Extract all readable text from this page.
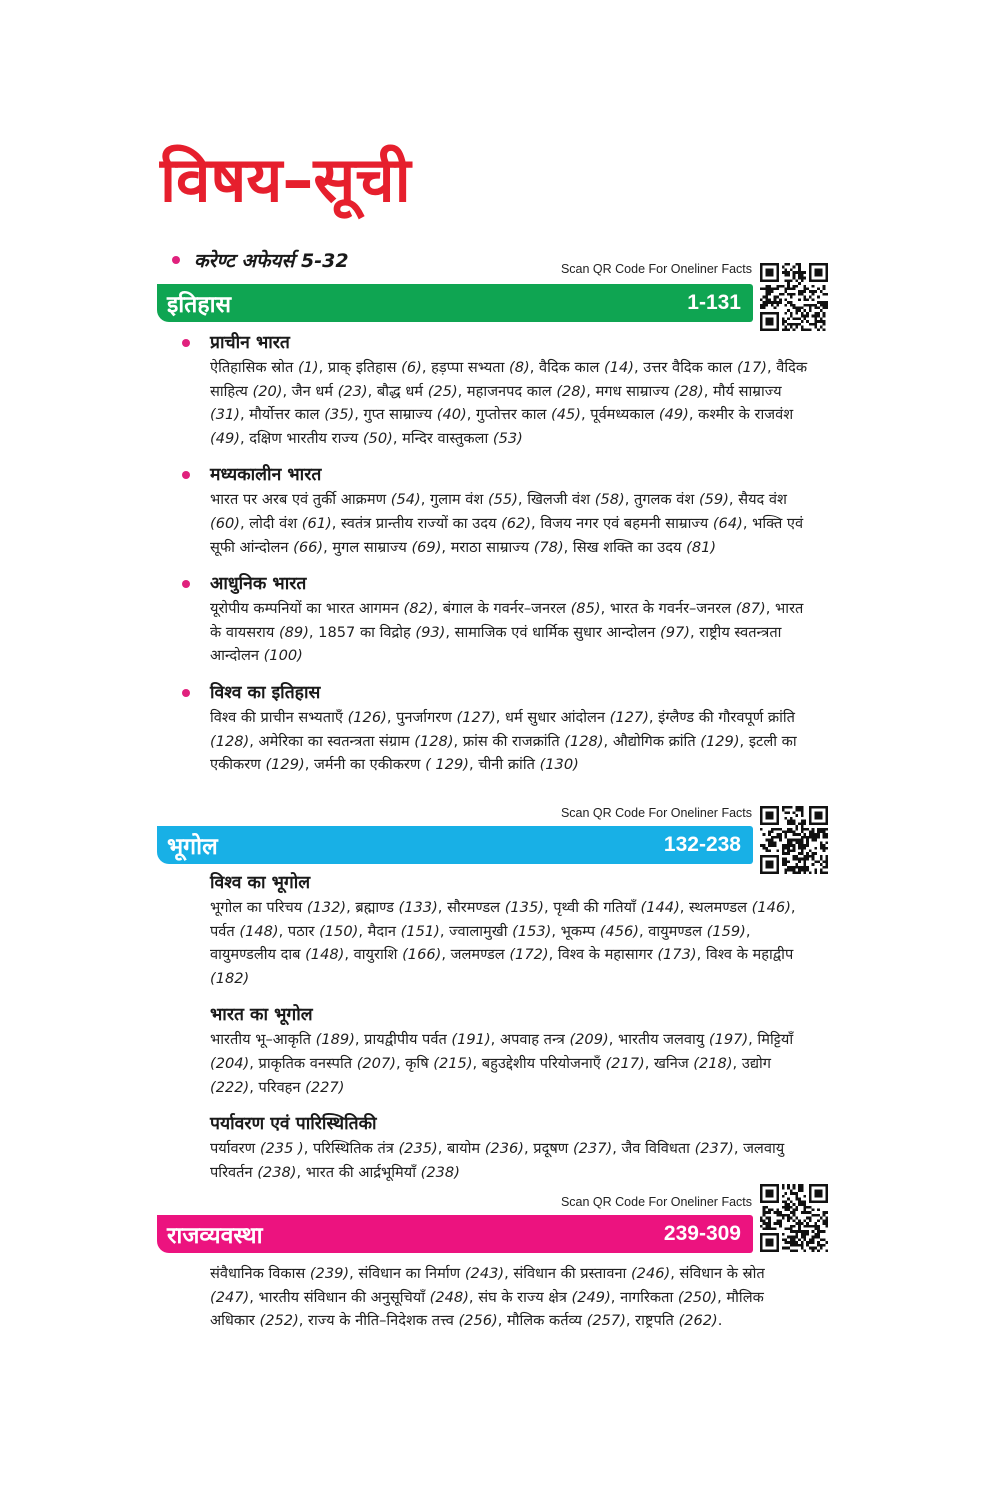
विषय–सूची
करेण्ट अफेयर्स 5-32	Scan QR Code For Oneliner Facts
इतिहास	1-131
प्राचीन भारत
ऐतिहासिक स्रोत (1), प्राक् इतिहास (6), हड़प्पा सभ्यता (8), वैदिक काल (14), उत्तर वैदिक काल (17), वैदिक साहित्य (20), जैन धर्म (23), बौद्ध धर्म (25), महाजनपद काल (28), मगध साम्राज्य (28), मौर्य साम्राज्य (31), मौर्योत्तर काल (35), गुप्त साम्राज्य (40), गुप्तोत्तर काल (45), पूर्वमध्यकाल (49), कश्मीर के राजवंश (49), दक्षिण भारतीय राज्य (50), मन्दिर वास्तुकला (53)
मध्यकालीन भारत
भारत पर अरब एवं तुर्की आक्रमण (54), गुलाम वंश (55), खिलजी वंश (58), तुगलक वंश (59), सैयद वंश (60), लोदी वंश (61), स्वतंत्र प्रान्तीय राज्यों का उदय (62), विजय नगर एवं बहमनी साम्राज्य (64), भक्ति एवं सूफी आंन्दोलन (66), मुगल साम्राज्य (69), मराठा साम्राज्य (78), सिख शक्ति का उदय (81)
आधुनिक भारत
यूरोपीय कम्पनियों का भारत आगमन (82), बंगाल के गवर्नर–जनरल (85), भारत के गवर्नर–जनरल (87), भारत के वायसराय (89), 1857 का विद्रोह (93), सामाजिक एवं धार्मिक सुधार आन्दोलन (97), राष्ट्रीय स्वतन्त्रता आन्दोलन (100)
विश्व का इतिहास
विश्व की प्राचीन सभ्यताएँ (126), पुनर्जागरण (127), धर्म सुधार आंदोलन (127), इंग्लैण्ड की गौरवपूर्ण क्रांति (128), अमेरिका का स्वतन्त्रता संग्राम (128), फ्रांस की राजक्रांति (128), औद्योगिक क्रांति (129), इटली का एकीकरण (129), जर्मनी का एकीकरण ( 129), चीनी क्रांति (130)
Scan QR Code For Oneliner Facts
भूगोल	132-238
विश्व का भूगोल
भूगोल का परिचय (132), ब्रह्माण्ड (133), सौरमण्डल (135), पृथ्वी की गतियाँ (144), स्थलमण्डल (146), पर्वत (148), पठार (150), मैदान (151), ज्वालामुखी (153), भूकम्प (456), वायुमण्डल (159), वायुमण्डलीय दाब (148), वायुराशि (166), जलमण्डल (172), विश्व के महासागर (173), विश्व के महाद्वीप (182)
भारत का भूगोल
भारतीय भू–आकृति (189), प्रायद्वीपीय पर्वत (191), अपवाह तन्त्र (209), भारतीय जलवायु (197), मिट्टियाँ (204), प्राकृतिक वनस्पति (207), कृषि (215), बहुउद्देशीय परियोजनाएँ (217), खनिज (218), उद्योग (222), परिवहन (227)
पर्यावरण एवं पारिस्थितिकी
पर्यावरण (235 ), परिस्थितिक तंत्र (235), बायोम (236), प्रदूषण (237), जैव विविधता (237), जलवायु परिवर्तन (238), भारत की आर्द्रभूमियाँ (238)
Scan QR Code For Oneliner Facts
राजव्यवस्था	239-309
संवैधानिक विकास (239), संविधान का निर्माण (243), संविधान की प्रस्तावना (246), संविधान के स्रोत (247), भारतीय संविधान की अनुसूचियाँ (248), संघ के राज्य क्षेत्र (249), नागरिकता (250), मौलिक अधिकार (252), राज्य के नीति–निदेशक तत्त्व (256), मौलिक कर्तव्य (257), राष्ट्रपति (262).
